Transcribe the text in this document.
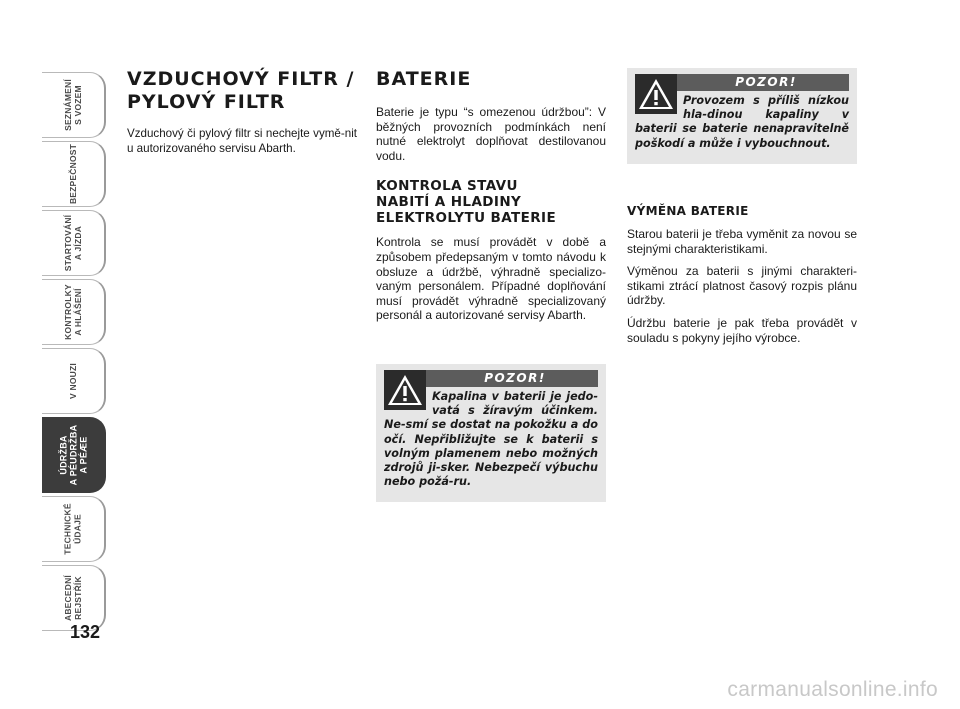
SEZNÁMENÍ
S VOZEM
BEZPEČNOST
STARTOVÁNÍ
A JÍZDA
KONTROLKY
A HLÁŠENÍ
V NOUZI
ÚDRŽBA
A PÉUDRŽBA
A PÉÆE
TECHNICKÉ
ÚDAJE
ABECEDNÍ
REJSTŘÍK
132
VZDUCHOVÝ FILTR / PYLOVÝ FILTR

Vzduchový či pylový filtr si nechejte vymě-nit u autorizovaného servisu Abarth.

BATERIE

Baterie je typu “s omezenou údržbou”: V běžných provozních podmínkách není nutné elektrolyt doplňovat destilovanou vodu.

KONTROLA STAVU NABITÍ A HLADINY ELEKTROLYTU BATERIE

Kontrola se musí provádět v době a způsobem předepsaným v tomto návodu k obsluze a údržbě, výhradně specializo-vaným personálem. Případné doplňování musí provádět výhradně specializovaný personál a autorizované servisy Abarth.

POZOR!
Kapalina v baterii je jedo-vatá s žíravým účinkem. Ne-smí se dostat na pokožku a do očí. Nepřibližujte se k baterii s volným plamenem nebo možných zdrojů ji-sker. Nebezpečí výbuchu nebo požá-ru.
POZOR!
Provozem s příliš nízkou hla-dinou kapaliny v baterii se baterie nenapravitelně poškodí a může i vybouchnout.
VÝMĚNA BATERIE

Starou baterii je třeba vyměnit za novou se stejnými charakteristikami.

Výměnou za baterii s jinými charakteri-stikami ztrácí platnost časový rozpis plánu údržby.

Údržbu baterie je pak třeba provádět v souladu s pokyny jejího výrobce.

carmanualsonline.info
